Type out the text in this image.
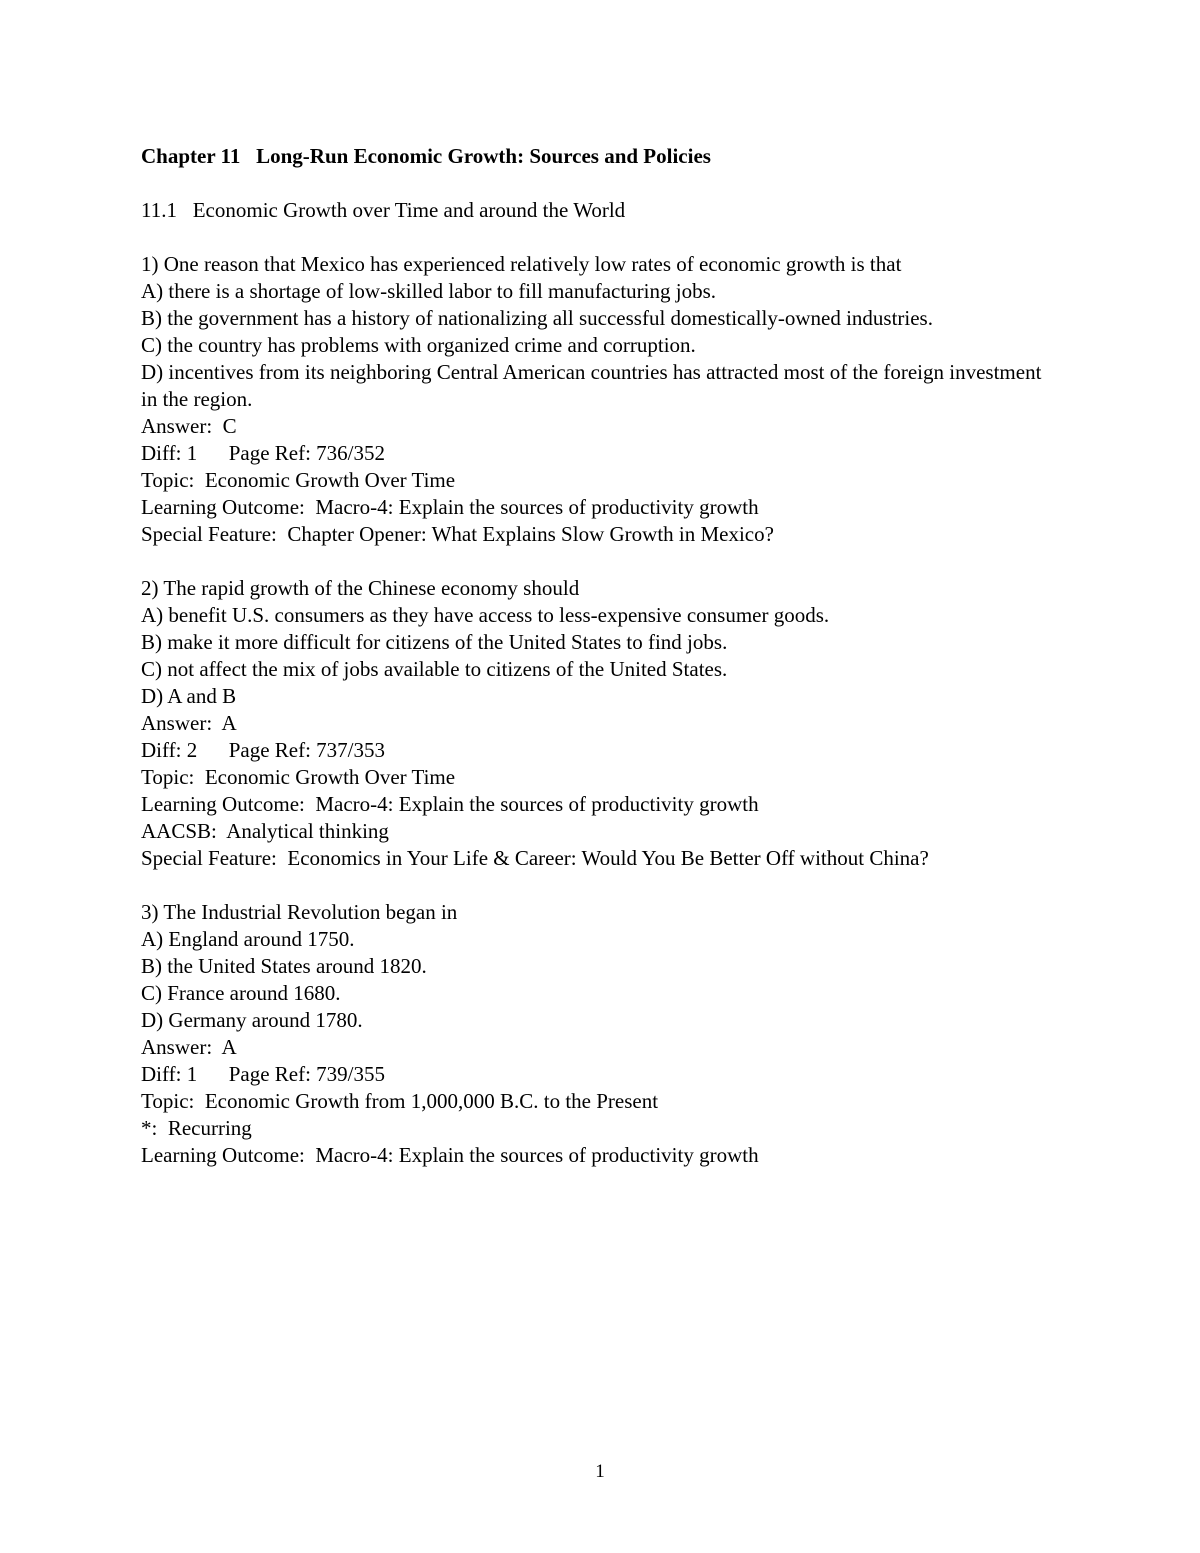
Chapter 11   Long-Run Economic Growth: Sources and Policies
11.1   Economic Growth over Time and around the World
1) One reason that Mexico has experienced relatively low rates of economic growth is that
A) there is a shortage of low-skilled labor to fill manufacturing jobs.
B) the government has a history of nationalizing all successful domestically-owned industries.
C) the country has problems with organized crime and corruption.
D) incentives from its neighboring Central American countries has attracted most of the foreign investment in the region.
Answer:  C
Diff: 1      Page Ref: 736/352
Topic:  Economic Growth Over Time
Learning Outcome:  Macro-4: Explain the sources of productivity growth
Special Feature:  Chapter Opener: What Explains Slow Growth in Mexico?
2) The rapid growth of the Chinese economy should
A) benefit U.S. consumers as they have access to less-expensive consumer goods.
B) make it more difficult for citizens of the United States to find jobs.
C) not affect the mix of jobs available to citizens of the United States.
D) A and B
Answer:  A
Diff: 2      Page Ref: 737/353
Topic:  Economic Growth Over Time
Learning Outcome:  Macro-4: Explain the sources of productivity growth
AACSB:  Analytical thinking
Special Feature:  Economics in Your Life & Career: Would You Be Better Off without China?
3) The Industrial Revolution began in
A) England around 1750.
B) the United States around 1820.
C) France around 1680.
D) Germany around 1780.
Answer:  A
Diff: 1      Page Ref: 739/355
Topic:  Economic Growth from 1,000,000 B.C. to the Present
*:  Recurring
Learning Outcome:  Macro-4: Explain the sources of productivity growth
1
